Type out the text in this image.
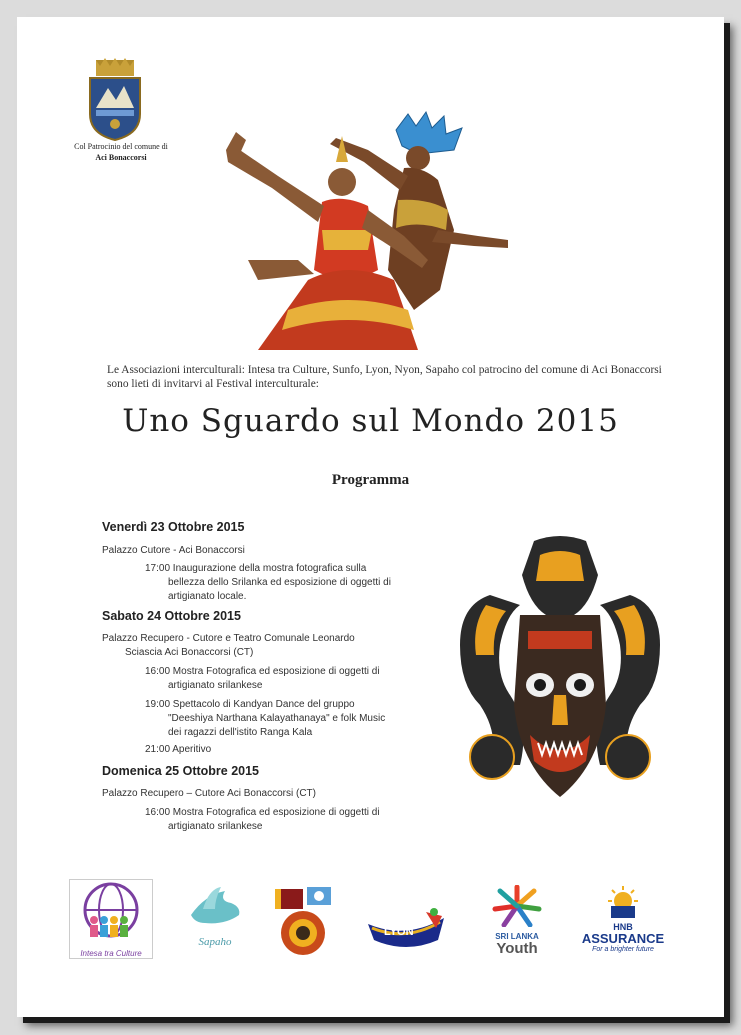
Col Patrocinio del comune di
Aci Bonaccorsi
Le Associazioni interculturali: Intesa tra Culture, Sunfo, Lyon, Nyon, Sapaho col patrocino del comune di Aci Bonaccorsi
sono lieti di invitarvi al Festival interculturale:
Uno Sguardo sul Mondo 2015
Programma
Venerdì 23 Ottobre 2015
Palazzo Cutore - Aci Bonaccorsi
17:00 Inaugurazione della mostra fotografica sulla
bellezza dello Srilanka ed esposizione di oggetti di
artigianato locale.
Sabato 24 Ottobre 2015
Palazzo Recupero - Cutore e Teatro Comunale Leonardo
Sciascia Aci Bonaccorsi (CT)
16:00 Mostra Fotografica ed esposizione di oggetti di
artigianato srilankese
19:00 Spettacolo di Kandyan Dance del gruppo
"Deeshiya Narthana Kalayathanaya" e folk Music
dei ragazzi dell'istito Ranga Kala
21:00 Aperitivo
Domenica 25 Ottobre 2015
Palazzo Recupero – Cutore Aci Bonaccorsi (CT)
16:00 Mostra Fotografica ed esposizione di oggetti di
artigianato srilankese
Intesa tra Culture
Sapaho
LYON	SRI LANKA
Youth
HNB
ASSURANCE
For a brighter future
